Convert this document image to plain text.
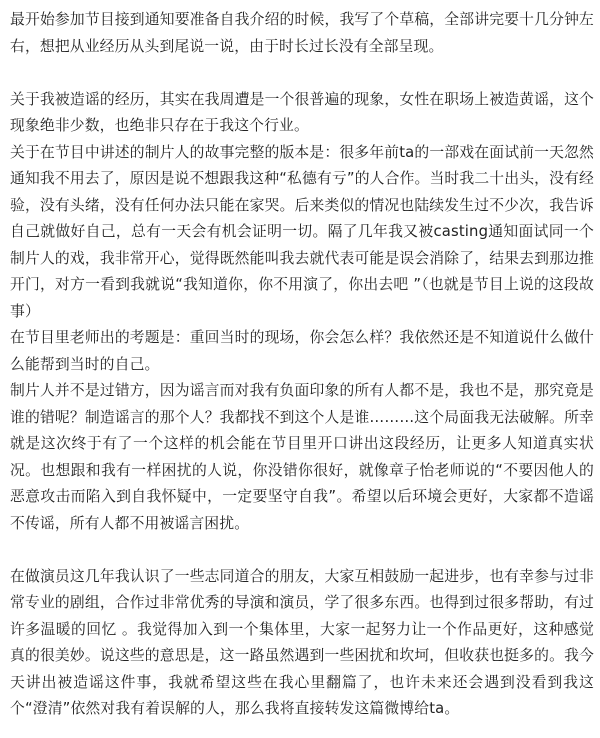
最开始参加节目接到通知要准备自我介绍的时候，我写了个草稿，全部讲完要十几分钟左右，想把从业经历从头到尾说一说，由于时长过长没有全部呈现。

关于我被造谣的经历，其实在我周遭是一个很普遍的现象，女性在职场上被造黄谣，这个现象绝非少数，也绝非只存在于我这个行业。

关于在节目中讲述的制片人的故事完整的版本是：很多年前ta的一部戏在面试前一天忽然通知我不用去了，原因是说不想跟我这种“私德有亏”的人合作。当时我二十出头，没有经验，没有头绪，没有任何办法只能在家哭。后来类似的情况也陆续发生过不少次，我告诉自己就做好自己，总有一天会有机会证明一切。隔了几年我又被casting通知面试同一个制片人的戏，我非常开心，觉得既然能叫我去就代表可能是误会消除了，结果去到那边推开门，对方一看到我就说“我知道你，你不用演了，你出去吧 ”（也就是节目上说的这段故事）

在节目里老师出的考题是：重回当时的现场，你会怎么样？我依然还是不知道说什么做什么能帮到当时的自己。

制片人并不是过错方，因为谣言而对我有负面印象的所有人都不是，我也不是，那究竟是谁的错呢？制造谣言的那个人？我都找不到这个人是谁………这个局面我无法破解。所幸就是这次终于有了一个这样的机会能在节目里开口讲出这段经历，让更多人知道真实状况。也想跟和我有一样困扰的人说，你没错你很好，就像章子怡老师说的“不要因他人的恶意攻击而陷入到自我怀疑中，一定要坚守自我”。希望以后环境会更好，大家都不造谣不传谣，所有人都不用被谣言困扰。

在做演员这几年我认识了一些志同道合的朋友，大家互相鼓励一起进步，也有幸参与过非常专业的剧组，合作过非常优秀的导演和演员，学了很多东西。也得到过很多帮助，有过许多温暖的回忆 。我觉得加入到一个集体里，大家一起努力让一个作品更好，这种感觉真的很美妙。说这些的意思是，这一路虽然遇到一些困扰和坎坷，但收获也挺多的。我今天讲出被造谣这件事，我就希望这些在我心里翻篇了，也许未来还会遇到没看到我这个“澄清”依然对我有着误解的人，那么我将直接转发这篇微博给ta。
